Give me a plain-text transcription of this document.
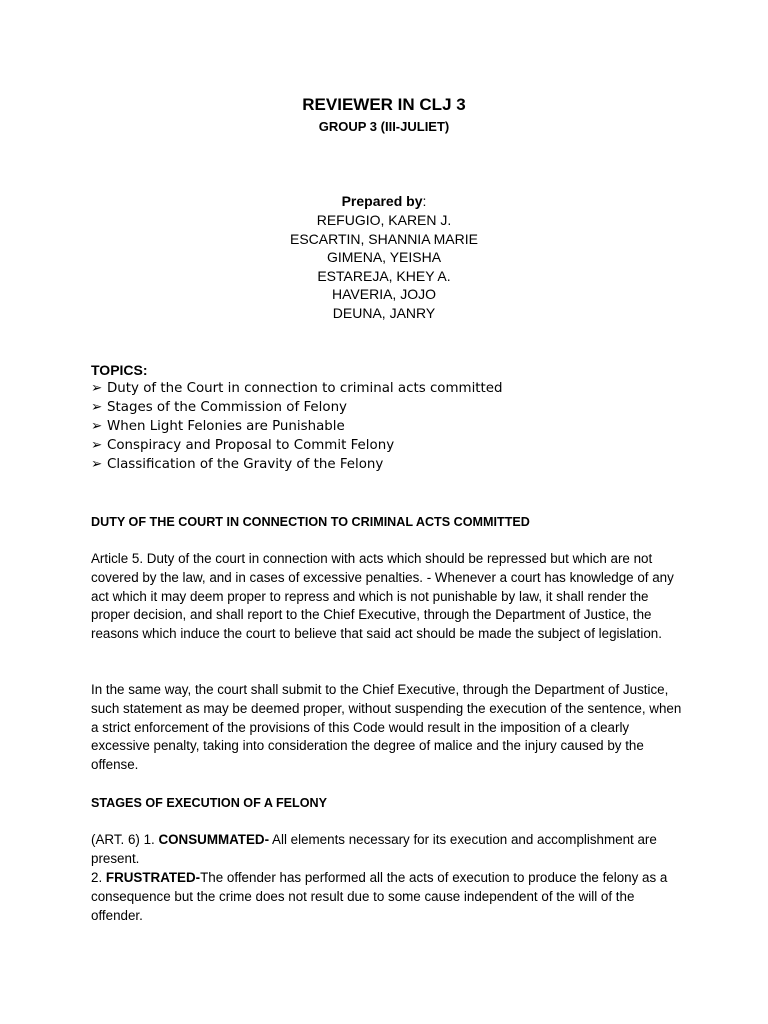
REVIEWER IN CLJ 3
GROUP 3 (III-JULIET)
Prepared by:
REFUGIO, KAREN J.
ESCARTIN, SHANNIA MARIE
GIMENA, YEISHA
ESTAREJA, KHEY A.
HAVERIA, JOJO
DEUNA, JANRY
TOPICS:
➢ Duty of the Court in connection to criminal acts committed
➢ Stages of the Commission of Felony
➢ When Light Felonies are Punishable
➢ Conspiracy and Proposal to Commit Felony
➢ Classification of the Gravity of the Felony
DUTY OF THE COURT IN CONNECTION TO CRIMINAL ACTS COMMITTED

Article 5. Duty of the court in connection with acts which should be repressed but which are not covered by the law, and in cases of excessive penalties. - Whenever a court has knowledge of any act which it may deem proper to repress and which is not punishable by law, it shall render the proper decision, and shall report to the Chief Executive, through the Department of Justice, the reasons which induce the court to believe that said act should be made the subject of legislation.

In the same way, the court shall submit to the Chief Executive, through the Department of Justice, such statement as may be deemed proper, without suspending the execution of the sentence, when a strict enforcement of the provisions of this Code would result in the imposition of a clearly excessive penalty, taking into consideration the degree of malice and the injury caused by the offense.

STAGES OF EXECUTION OF A FELONY

(ART. 6) 1. CONSUMMATED- All elements necessary for its execution and accomplishment are present.

2. FRUSTRATED-The offender has performed all the acts of execution to produce the felony as a consequence but the crime does not result due to some cause independent of the will of the offender.
